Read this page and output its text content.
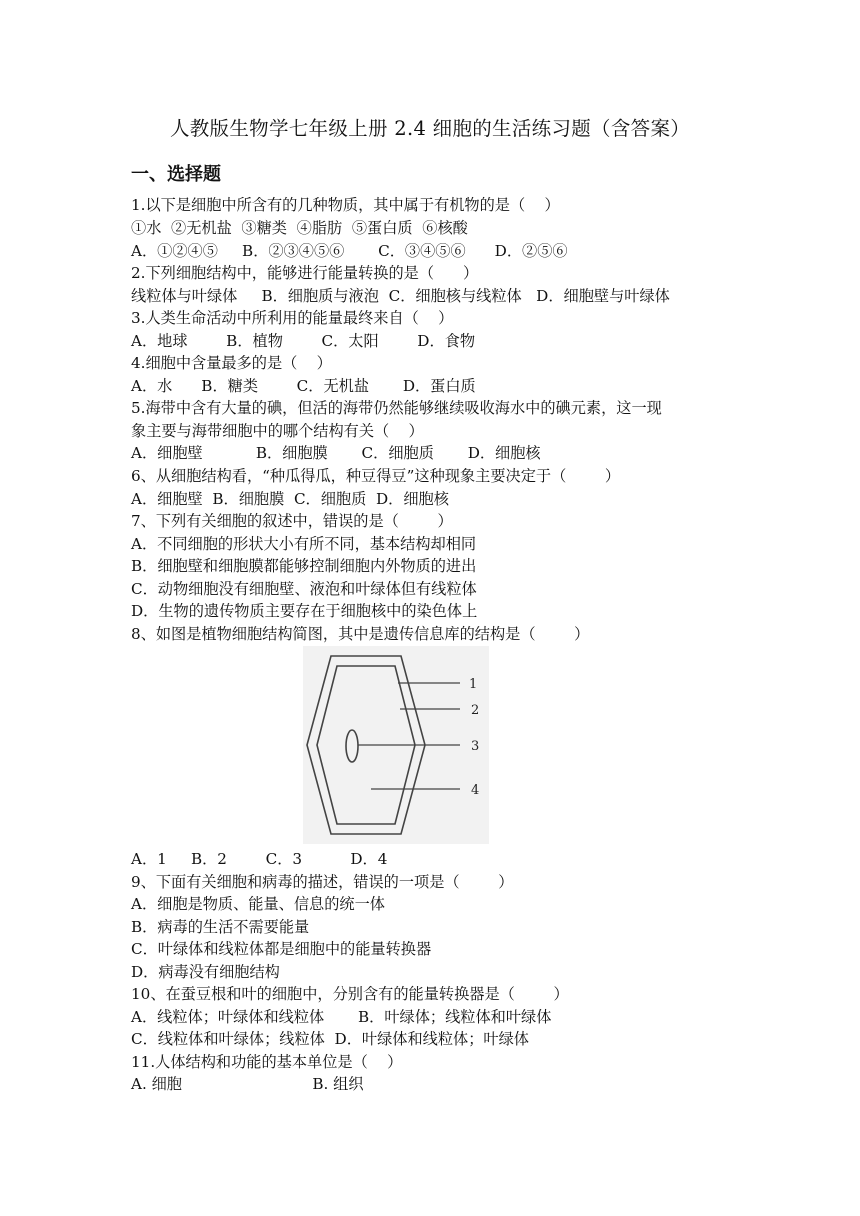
人教版生物学七年级上册 2.4 细胞的生活练习题（含答案）
一、选择题
1.以下是细胞中所含有的几种物质，其中属于有机物的是（    ）
①水  ②无机盐  ③糖类  ④脂肪  ⑤蛋白质  ⑥核酸
A．①②④⑤     B．②③④⑤⑥       C．③④⑤⑥      D．②⑤⑥
2.下列细胞结构中，能够进行能量转换的是（      ）
线粒体与叶绿体     B．细胞质与液泡  C．细胞核与线粒体   D．细胞壁与叶绿体
3.人类生命活动中所利用的能量最终来自（    ）
A．地球        B．植物        C．太阳        D．食物
4.细胞中含量最多的是（    ）
A．水      B．糖类        C．无机盐       D．蛋白质
5.海带中含有大量的碘，但活的海带仍然能够继续吸收海水中的碘元素，这一现
象主要与海带细胞中的哪个结构有关（    ）
A．细胞壁           B．细胞膜       C．细胞质       D．细胞核
6、从细胞结构看，“种瓜得瓜，种豆得豆”这种现象主要决定于（        ）
A．细胞壁  B．细胞膜  C．细胞质  D．细胞核
7、下列有关细胞的叙述中，错误的是（        ）
A．不同细胞的形状大小有所不同，基本结构却相同
B．细胞壁和细胞膜都能够控制细胞内外物质的进出
C．动物细胞没有细胞壁、液泡和叶绿体但有线粒体
D．生物的遗传物质主要存在于细胞核中的染色体上
8、如图是植物细胞结构简图，其中是遗传信息库的结构是（        ）
1
2
3
4
A．1     B．2        C．3          D．4
9、下面有关细胞和病毒的描述，错误的一项是（        ）
A．细胞是物质、能量、信息的统一体
B．病毒的生活不需要能量
C．叶绿体和线粒体都是细胞中的能量转换器
D．病毒没有细胞结构
10、在蚕豆根和叶的细胞中，分别含有的能量转换器是（        ）
A．线粒体；叶绿体和线粒体       B．叶绿体；线粒体和叶绿体
C．线粒体和叶绿体；线粒体  D．叶绿体和线粒体；叶绿体
11.人体结构和功能的基本单位是（    ）
A. 细胞                           B. 组织
